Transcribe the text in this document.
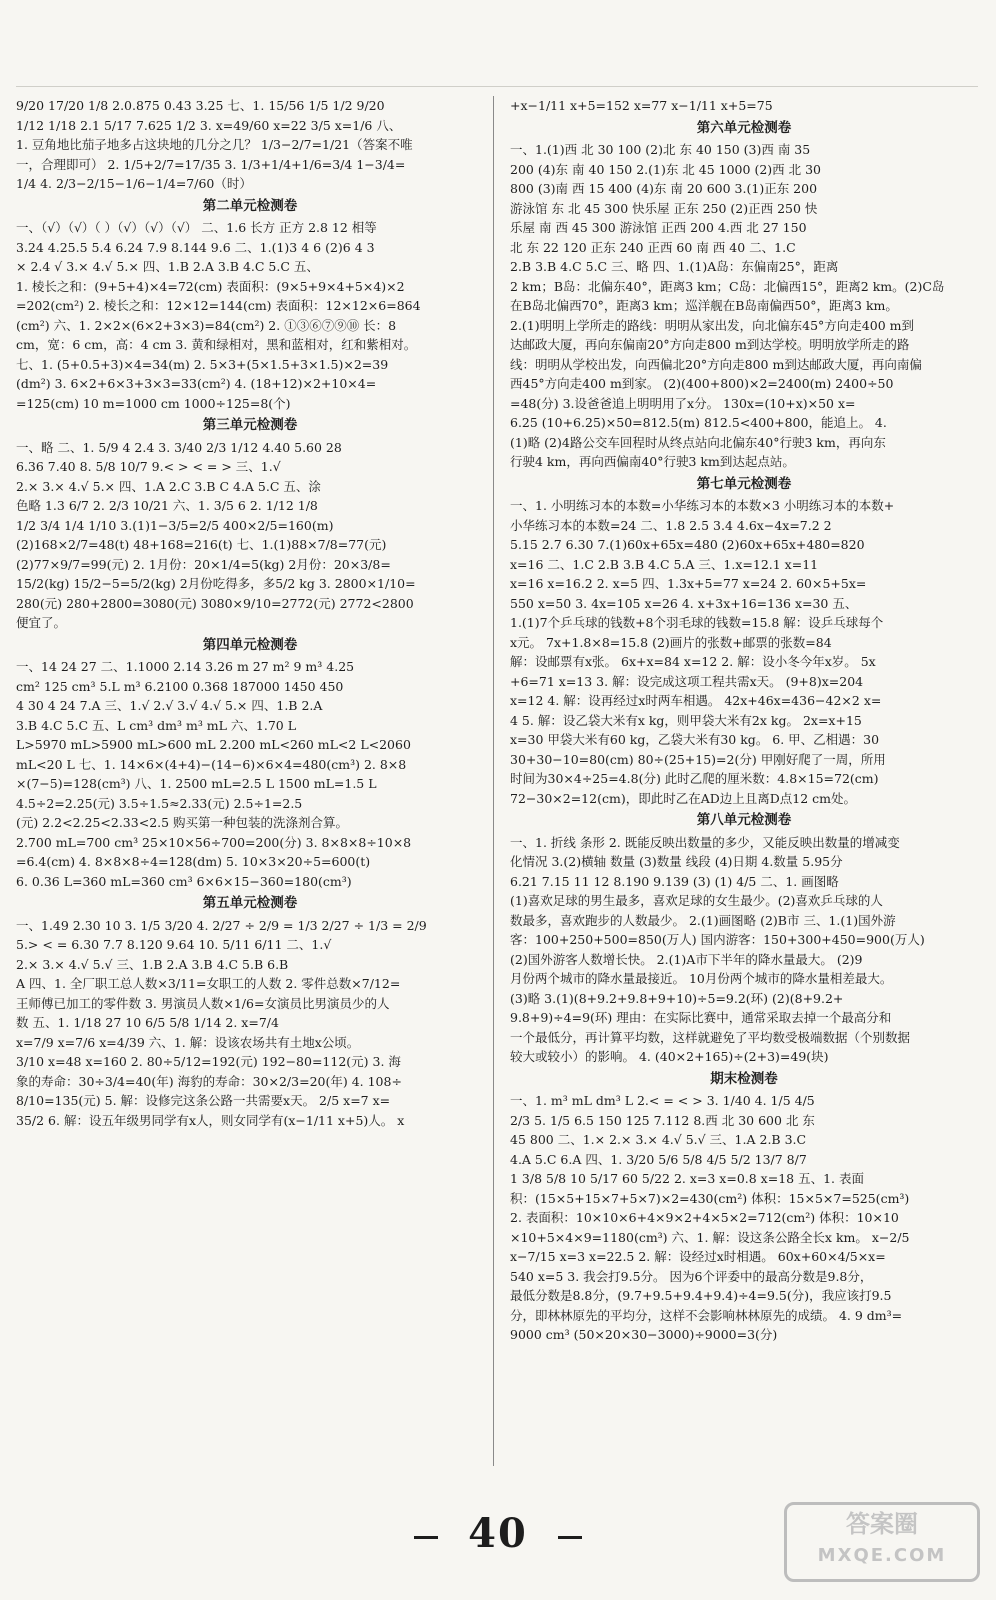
9/20 17/20 1/8 2.0.875 0.43 3.25 七、1. 15/56 1/5 1/2 9/20
1/12 1/18 2.1 5/17 7.625 1/2 3. x=49/60 x=22 3/5 x=1/6 八、
1. 豆角地比茄子地多占这块地的几分之几？ 1/3−2/7=1/21（答案不唯
一，合理即可） 2. 1/5+2/7=17/35 3. 1/3+1/4+1/6=3/4 1−3/4=
1/4 4. 2/3−2/15−1/6−1/4=7/60（时）
第二单元检测卷
一、（√）（√）（ ）（√）（√）（√） 二、1.6 长方 正方 2.8 12 相等
3.24 4.25.5 5.4 6.24 7.9 8.144 9.6 二、1.(1)3 4 6 (2)6 4 3
× 2.4 √ 3.× 4.√ 5.× 四、1.B 2.A 3.B 4.C 5.C 五、
1. 棱长之和：(9+5+4)×4=72(cm) 表面积：(9×5+9×4+5×4)×2
=202(cm²) 2. 棱长之和：12×12=144(cm) 表面积：12×12×6=864
(cm²) 六、1. 2×2×(6×2+3×3)=84(cm²) 2. ①③⑥⑦⑨⑩ 长：8
cm，宽：6 cm，高：4 cm 3. 黄和绿相对，黑和蓝相对，红和紫相对。
七、1. (5+0.5+3)×4=34(m) 2. 5×3+(5×1.5+3×1.5)×2=39
(dm²) 3. 6×2+6×3+3×3=33(cm²) 4. (18+12)×2+10×4=
=125(cm) 10 m=1000 cm 1000÷125=8(个)
第三单元检测卷
一、略 二、1. 5/9 4 2.4 3. 3/40 2/3 1/12 4.40 5.60 28
6.36 7.40 8. 5/8 10/7 9.< > < = > 三、1.√
2.× 3.× 4.√ 5.× 四、1.A 2.C 3.B C 4.A 5.C 五、涂
色略 1.3 6/7 2. 2/3 10/21 六、1. 3/5 6 2. 1/12 1/8
1/2 3/4 1/4 1/10 3.(1)1−3/5=2/5 400×2/5=160(m)
(2)168×2/7=48(t) 48+168=216(t) 七、1.(1)88×7/8=77(元)
(2)77×9/7=99(元) 2. 1月份：20×1/4=5(kg) 2月份：20×3/8=
15/2(kg) 15/2−5=5/2(kg) 2月份吃得多，多5/2 kg 3. 2800×1/10=
280(元) 280+2800=3080(元) 3080×9/10=2772(元) 2772<2800
便宜了。
第四单元检测卷
一、14 24 27 二、1.1000 2.14 3.26 m 27 m² 9 m³ 4.25
cm² 125 cm³ 5.L m³ 6.2100 0.368 187000 1450 450
4 30 4 24 7.A 三、1.√ 2.√ 3.√ 4.√ 5.× 四、1.B 2.A
3.B 4.C 5.C 五、L cm³ dm³ m³ mL 六、1.70 L
L>5970 mL>5900 mL>600 mL 2.200 mL<260 mL<2 L<2060
mL<20 L 七、1. 14×6×(4+4)−(14−6)×6×4=480(cm³) 2. 8×8
×(7−5)=128(cm³) 八、1. 2500 mL=2.5 L 1500 mL=1.5 L
4.5÷2=2.25(元) 3.5÷1.5≈2.33(元) 2.5÷1=2.5
(元) 2.2<2.25<2.33<2.5 购买第一种包装的洗涤剂合算。
2.700 mL=700 cm³ 25×10×56÷700=200(分) 3. 8×8×8÷10×8
=6.4(cm) 4. 8×8×8÷4=128(dm) 5. 10×3×20÷5=600(t)
6. 0.36 L=360 mL=360 cm³ 6×6×15−360=180(cm³)
第五单元检测卷
一、1.49 2.30 10 3. 1/5 3/20 4. 2/27 ÷ 2/9 = 1/3 2/27 ÷ 1/3 = 2/9
5.> < = 6.30 7.7 8.120 9.64 10. 5/11 6/11 二、1.√
2.× 3.× 4.√ 5.√ 三、1.B 2.A 3.B 4.C 5.B 6.B
A 四、1. 全厂职工总人数×3/11=女职工的人数 2. 零件总数×7/12=
王师傅已加工的零件数 3. 男演员人数×1/6=女演员比男演员少的人
数 五、1. 1/18 27 10 6/5 5/8 1/14 2. x=7/4
x=7/9 x=7/6 x=4/39 六、1. 解：设该农场共有土地x公顷。
3/10 x=48 x=160 2. 80÷5/12=192(元) 192−80=112(元) 3. 海
象的寿命：30÷3/4=40(年) 海豹的寿命：30×2/3=20(年) 4. 108÷
8/10=135(元) 5. 解：设修完这条公路一共需要x天。 2/5 x=7 x=
35/2 6. 解：设五年级男同学有x人，则女同学有(x−1/11 x+5)人。 x
+x−1/11 x+5=152 x=77 x−1/11 x+5=75
第六单元检测卷
一、1.(1)西 北 30 100 (2)北 东 40 150 (3)西 南 35
200 (4)东 南 40 150 2.(1)东 北 45 1000 (2)西 北 30
800 (3)南 西 15 400 (4)东 南 20 600 3.(1)正东 200
游泳馆 东 北 45 300 快乐屋 正东 250 (2)正西 250 快
乐屋 南 西 45 300 游泳馆 正西 200 4.西 北 27 150
北 东 22 120 正东 240 正西 60 南 西 40 二、1.C
2.B 3.B 4.C 5.C 三、略 四、1.(1)A岛：东偏南25°，距离
2 km；B岛：北偏东40°，距离3 km；C岛：北偏西15°，距离2 km。(2)C岛
在B岛北偏西70°，距离3 km；巡洋舰在B岛南偏西50°，距离3 km。
2.(1)明明上学所走的路线：明明从家出发，向北偏东45°方向走400 m到
达邮政大厦，再向东偏南20°方向走800 m到达学校。明明放学所走的路
线：明明从学校出发，向西偏北20°方向走800 m到达邮政大厦，再向南偏
西45°方向走400 m到家。 (2)(400+800)×2=2400(m) 2400÷50
=48(分) 3.设爸爸追上明明用了x分。 130x=(10+x)×50 x=
6.25 (10+6.25)×50=812.5(m) 812.5<400+800，能追上。 4.
(1)略 (2)4路公交车回程时从终点站向北偏东40°行驶3 km，再向东
行驶4 km，再向西偏南40°行驶3 km到达起点站。
第七单元检测卷
一、1. 小明练习本的本数=小华练习本的本数×3 小明练习本的本数+
小华练习本的本数=24 二、1.8 2.5 3.4 4.6x−4x=7.2 2
5.15 2.7 6.30 7.(1)60x+65x=480 (2)60x+65x+480=820
x=16 二、1.C 2.B 3.B 4.C 5.A 三、1.x=12.1 x=11
x=16 x=16.2 2. x=5 四、1.3x+5=77 x=24 2. 60×5+5x=
550 x=50 3. 4x=105 x=26 4. x+3x+16=136 x=30 五、
1.(1)7个乒乓球的钱数+8个羽毛球的钱数=15.8 解：设乒乓球每个
x元。 7x+1.8×8=15.8 (2)画片的张数+邮票的张数=84
解：设邮票有x张。 6x+x=84 x=12 2. 解：设小冬今年x岁。 5x
+6=71 x=13 3. 解：设完成这项工程共需x天。 (9+8)x=204
x=12 4. 解：设再经过x时两车相遇。 42x+46x=436−42×2 x=
4 5. 解：设乙袋大米有x kg，则甲袋大米有2x kg。 2x=x+15
x=30 甲袋大米有60 kg，乙袋大米有30 kg。 6. 甲、乙相遇：30
30+30−10=80(cm) 80÷(25+15)=2(分) 甲刚好爬了一周，所用
时间为30×4÷25=4.8(分) 此时乙爬的厘米数：4.8×15=72(cm)
72−30×2=12(cm)，即此时乙在AD边上且离D点12 cm处。
第八单元检测卷
一、1. 折线 条形 2. 既能反映出数量的多少，又能反映出数量的增减变
化情况 3.(2)横轴 数量 (3)数量 线段 (4)日期 4.数量 5.95分
6.21 7.15 11 12 8.190 9.139 (3) (1) 4/5 二、1. 画图略
(1)喜欢足球的男生最多，喜欢足球的女生最少。(2)喜欢乒乓球的人
数最多，喜欢跑步的人数最少。 2.(1)画图略 (2)B市 三、1.(1)国外游
客：100+250+500=850(万人) 国内游客：150+300+450=900(万人)
(2)国外游客人数增长快。 2.(1)A市下半年的降水量最大。 (2)9
月份两个城市的降水量最接近。 10月份两个城市的降水量相差最大。
(3)略 3.(1)(8+9.2+9.8+9+10)÷5=9.2(环) (2)(8+9.2+
9.8+9)÷4=9(环) 理由：在实际比赛中，通常采取去掉一个最高分和
一个最低分，再计算平均数，这样就避免了平均数受极端数据（个别数据
较大或较小）的影响。 4. (40×2+165)÷(2+3)=49(块)
期末检测卷
一、1. m³ mL dm³ L 2.< = < > 3. 1/40 4. 1/5 4/5
2/3 5. 1/5 6.5 150 125 7.112 8.西 北 30 600 北 东
45 800 二、1.× 2.× 3.× 4.√ 5.√ 三、1.A 2.B 3.C
4.A 5.C 6.A 四、1. 3/20 5/6 5/8 4/5 5/2 13/7 8/7
1 3/8 5/8 10 5/17 60 5/22 2. x=3 x=0.8 x=18 五、1. 表面
积：(15×5+15×7+5×7)×2=430(cm²) 体积：15×5×7=525(cm³)
2. 表面积：10×10×6+4×9×2+4×5×2=712(cm²) 体积：10×10
×10+5×4×9=1180(cm³) 六、1. 解：设这条公路全长x km。 x−2/5
x−7/15 x=3 x=22.5 2. 解：设经过x时相遇。 60x+60×4/5×x=
540 x=5 3. 我会打9.5分。 因为6个评委中的最高分数是9.8分，
最低分数是8.8分，(9.7+9.5+9.4+9.4)÷4=9.5(分)，我应该打9.5
分，即林林原先的平均分，这样不会影响林林原先的成绩。 4. 9 dm³=
9000 cm³ (50×20×30−3000)÷9000=3(分)
40	答案圈
MXQE.COM
